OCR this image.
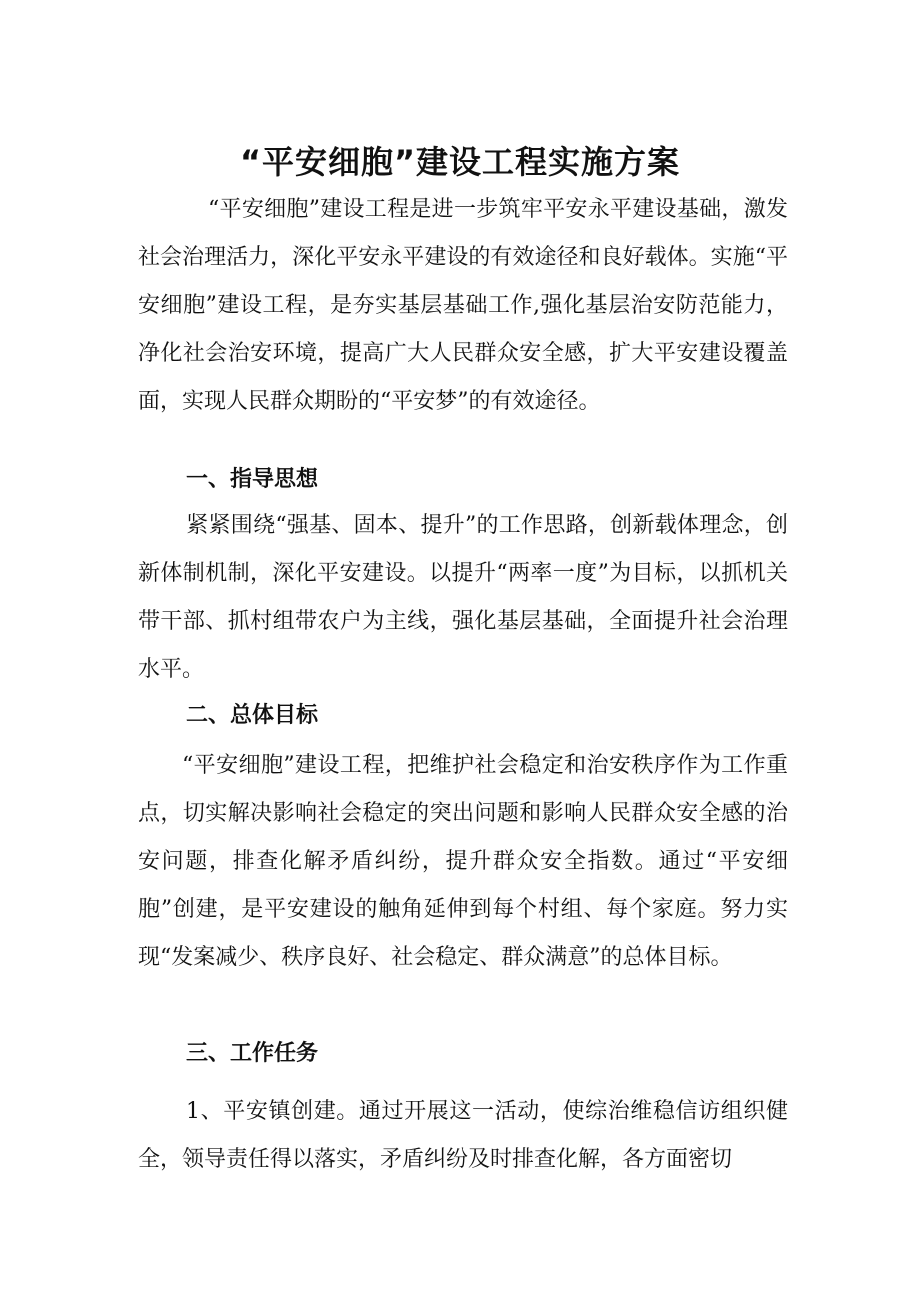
“平安细胞”建设工程实施方案

“平安细胞”建设工程是进一步筑牢平安永平建设基础，激发社会治理活力，深化平安永平建设的有效途径和良好载体。实施“平安细胞”建设工程，是夯实基层基础工作,强化基层治安防范能力，净化社会治安环境，提高广大人民群众安全感，扩大平安建设覆盖面，实现人民群众期盼的“平安梦”的有效途径。

一、指导思想

紧紧围绕“强基、固本、提升”的工作思路，创新载体理念，创新体制机制，深化平安建设。以提升“两率一度”为目标，以抓机关带干部、抓村组带农户为主线，强化基层基础，全面提升社会治理水平。

二、总体目标

“平安细胞”建设工程，把维护社会稳定和治安秩序作为工作重点，切实解决影响社会稳定的突出问题和影响人民群众安全感的治安问题，排查化解矛盾纠纷，提升群众安全指数。通过“平安细胞”创建，是平安建设的触角延伸到每个村组、每个家庭。努力实现“发案减少、秩序良好、社会稳定、群众满意”的总体目标。

三、工作任务

1、平安镇创建。通过开展这一活动，使综治维稳信访组织健全，领导责任得以落实，矛盾纠纷及时排查化解，各方面密切
